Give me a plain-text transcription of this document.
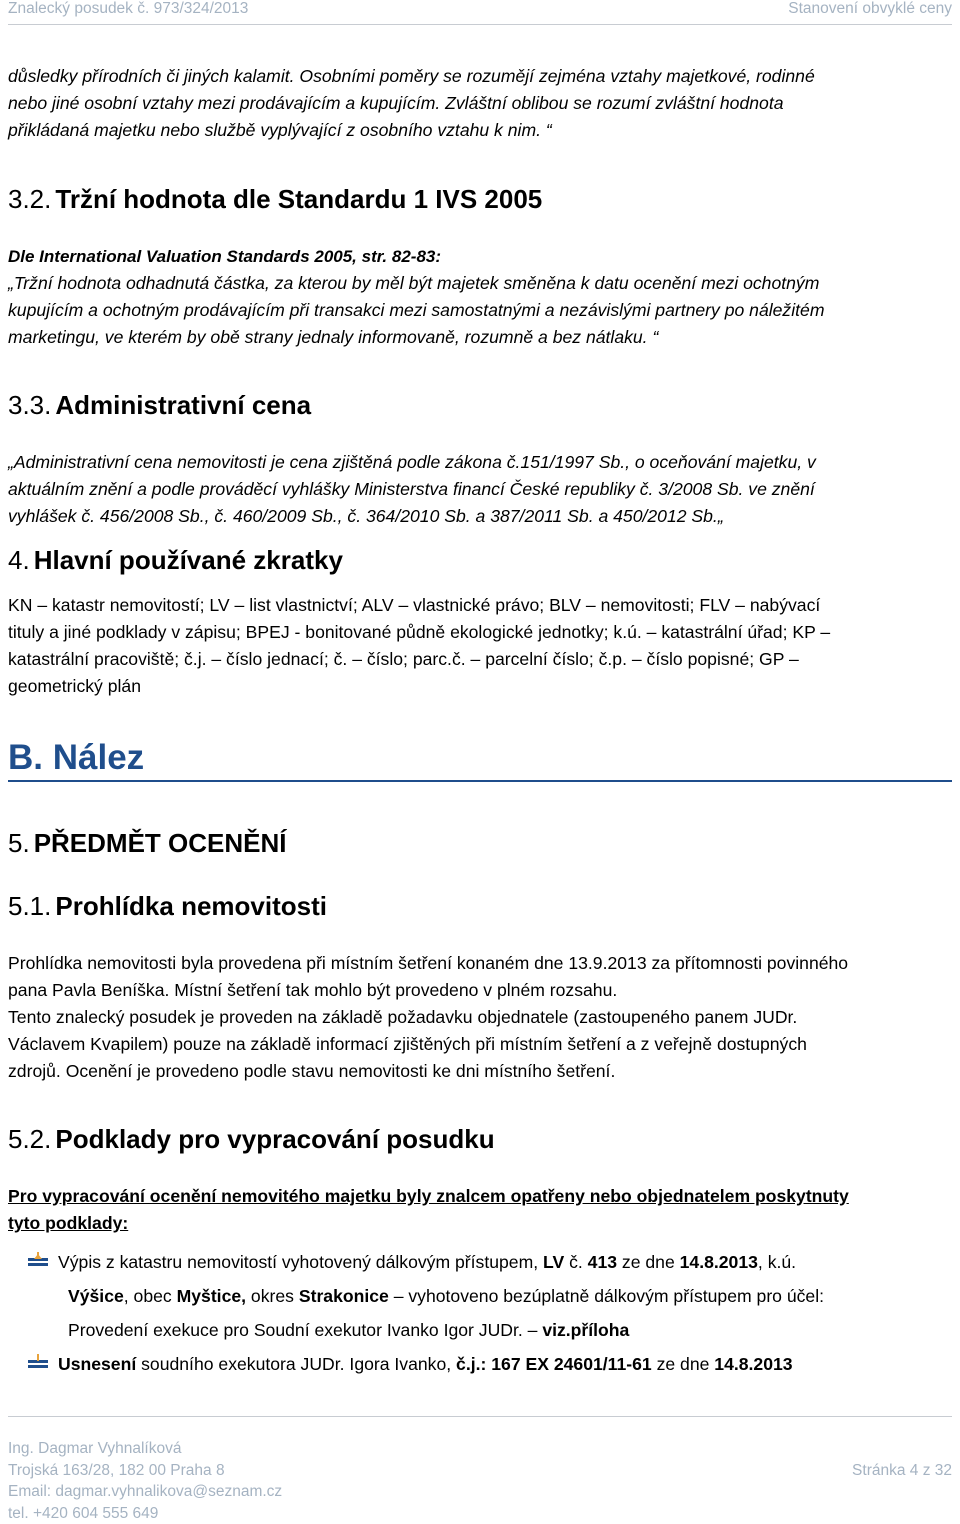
Znalecký posudek č. 973/324/2013	Stanovení obvyklé ceny

důsledky přírodních či jiných kalamit. Osobními poměry se rozumějí zejména vztahy majetkové, rodinné

nebo jiné osobní vztahy mezi prodávajícím a kupujícím. Zvláštní oblibou se rozumí zvláštní hodnota

přikládaná majetku nebo službě vyplývající z osobního vztahu k nim. “

3.2. Tržní hodnota dle Standardu 1 IVS 2005

Dle International Valuation Standards 2005, str. 82-83:

„Tržní hodnota odhadnutá částka, za kterou by měl být majetek směněna k datu ocenění mezi ochotným

kupujícím a ochotným prodávajícím při transakci mezi samostatnými a nezávislými partnery po náležitém

marketingu, ve kterém by obě strany jednaly informovaně, rozumně a bez nátlaku. “

3.3. Administrativní cena

„Administrativní cena nemovitosti je cena zjištěná podle zákona č.151/1997 Sb., o oceňování majetku, v

aktuálním znění a podle prováděcí vyhlášky Ministerstva financí České republiky č. 3/2008 Sb. ve znění

vyhlášek č. 456/2008 Sb., č. 460/2009 Sb., č. 364/2010 Sb. a 387/2011 Sb. a 450/2012 Sb.„

4. Hlavní používané zkratky

KN – katastr nemovitostí; LV – list vlastnictví; ALV – vlastnické právo; BLV – nemovitosti; FLV – nabývací

tituly a jiné podklady v zápisu; BPEJ - bonitované půdně ekologické jednotky; k.ú. – katastrální úřad; KP –

katastrální pracoviště; č.j. – číslo jednací; č. – číslo; parc.č. – parcelní číslo; č.p. – číslo popisné; GP –

geometrický plán

B. Nález

5. PŘEDMĚT OCENĚNÍ

5.1. Prohlídka nemovitosti

Prohlídka nemovitosti byla provedena při místním šetření konaném dne 13.9.2013 za přítomnosti povinného

pana Pavla Beníška. Místní šetření tak mohlo být provedeno v plném rozsahu.

Tento znalecký posudek je proveden na základě požadavku objednatele (zastoupeného panem JUDr.

Václavem Kvapilem) pouze na základě informací zjištěných při místním šetření a z veřejně dostupných

zdrojů. Ocenění je provedeno podle stavu nemovitosti ke dni místního šetření.

5.2. Podklady pro vypracování posudku

Pro vypracování ocenění nemovitého majetku byly znalcem opatřeny nebo objednatelem poskytnuty

tyto podklady:

Výpis z katastru nemovitostí vyhotovený dálkovým přístupem, LV č. 413 ze dne 14.8.2013, k.ú.
Výšice, obec Myštice, okres Strakonice – vyhotoveno bezúplatně dálkovým přístupem pro účel:
Provedení exekuce pro Soudní exekutor Ivanko Igor JUDr. – viz.příloha
Usnesení soudního exekutora JUDr. Igora Ivanko, č.j.: 167 EX 24601/11-61 ze dne 14.8.2013
Ing. Dagmar Vyhnalíková
Trojská 163/28, 182 00 Praha 8
Email: dagmar.vyhnalikova@seznam.cz
tel. +420 604 555 649
Stránka 4 z 32
